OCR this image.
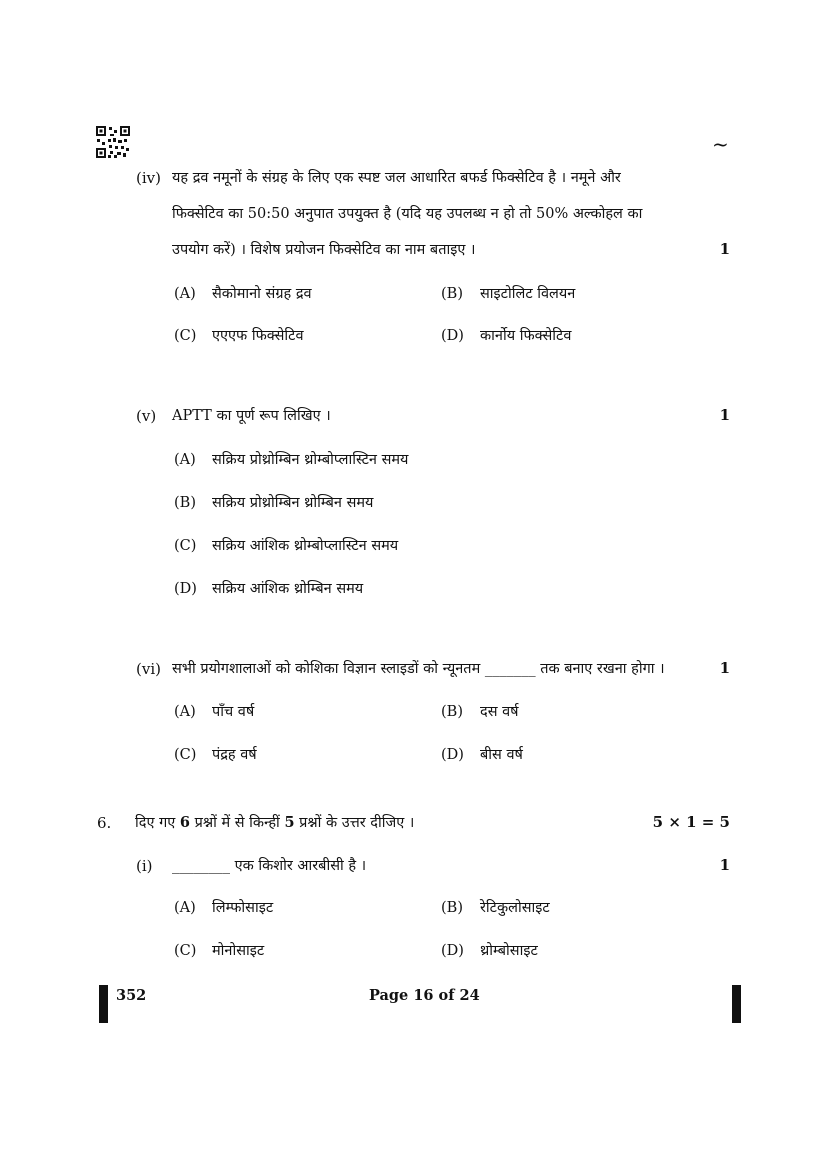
~
(iv) यह द्रव नमूनों के संग्रह के लिए एक स्पष्ट जल आधारित बफर्ड फिक्सेटिव है । नमूने और
फिक्सेटिव का 50:50 अनुपात उपयुक्त है (यदि यह उपलब्ध न हो तो 50% अल्कोहल का
उपयोग करें) । विशेष प्रयोजन फिक्सेटिव का नाम बताइए ।	1
(A) सैकोमानो संग्रह द्रव	(B) साइटोलिट विलयन
(C) एएएफ फिक्सेटिव	(D) कार्नोय फिक्सेटिव
(v) APTT का पूर्ण रूप लिखिए ।	1
(A) सक्रिय प्रोथ्रोम्बिन थ्रोम्बोप्लास्टिन समय
(B) सक्रिय प्रोथ्रोम्बिन थ्रोम्बिन समय
(C) सक्रिय आंशिक थ्रोम्बोप्लास्टिन समय
(D) सक्रिय आंशिक थ्रोम्बिन समय
(vi) सभी प्रयोगशालाओं को कोशिका विज्ञान स्लाइडों को न्यूनतम _______ तक बनाए रखना होगा ।	1
(A) पाँच वर्ष	(B) दस वर्ष
(C) पंद्रह वर्ष	(D) बीस वर्ष
6. दिए गए 6 प्रश्नों में से किन्हीं 5 प्रश्नों के उत्तर दीजिए ।	5 × 1 = 5
(i) ________ एक किशोर आरबीसी है ।	1
(A) लिम्फोसाइट	(B) रेटिकुलोसाइट
(C) मोनोसाइट	(D) थ्रोम्बोसाइट
352	Page 16 of 24
